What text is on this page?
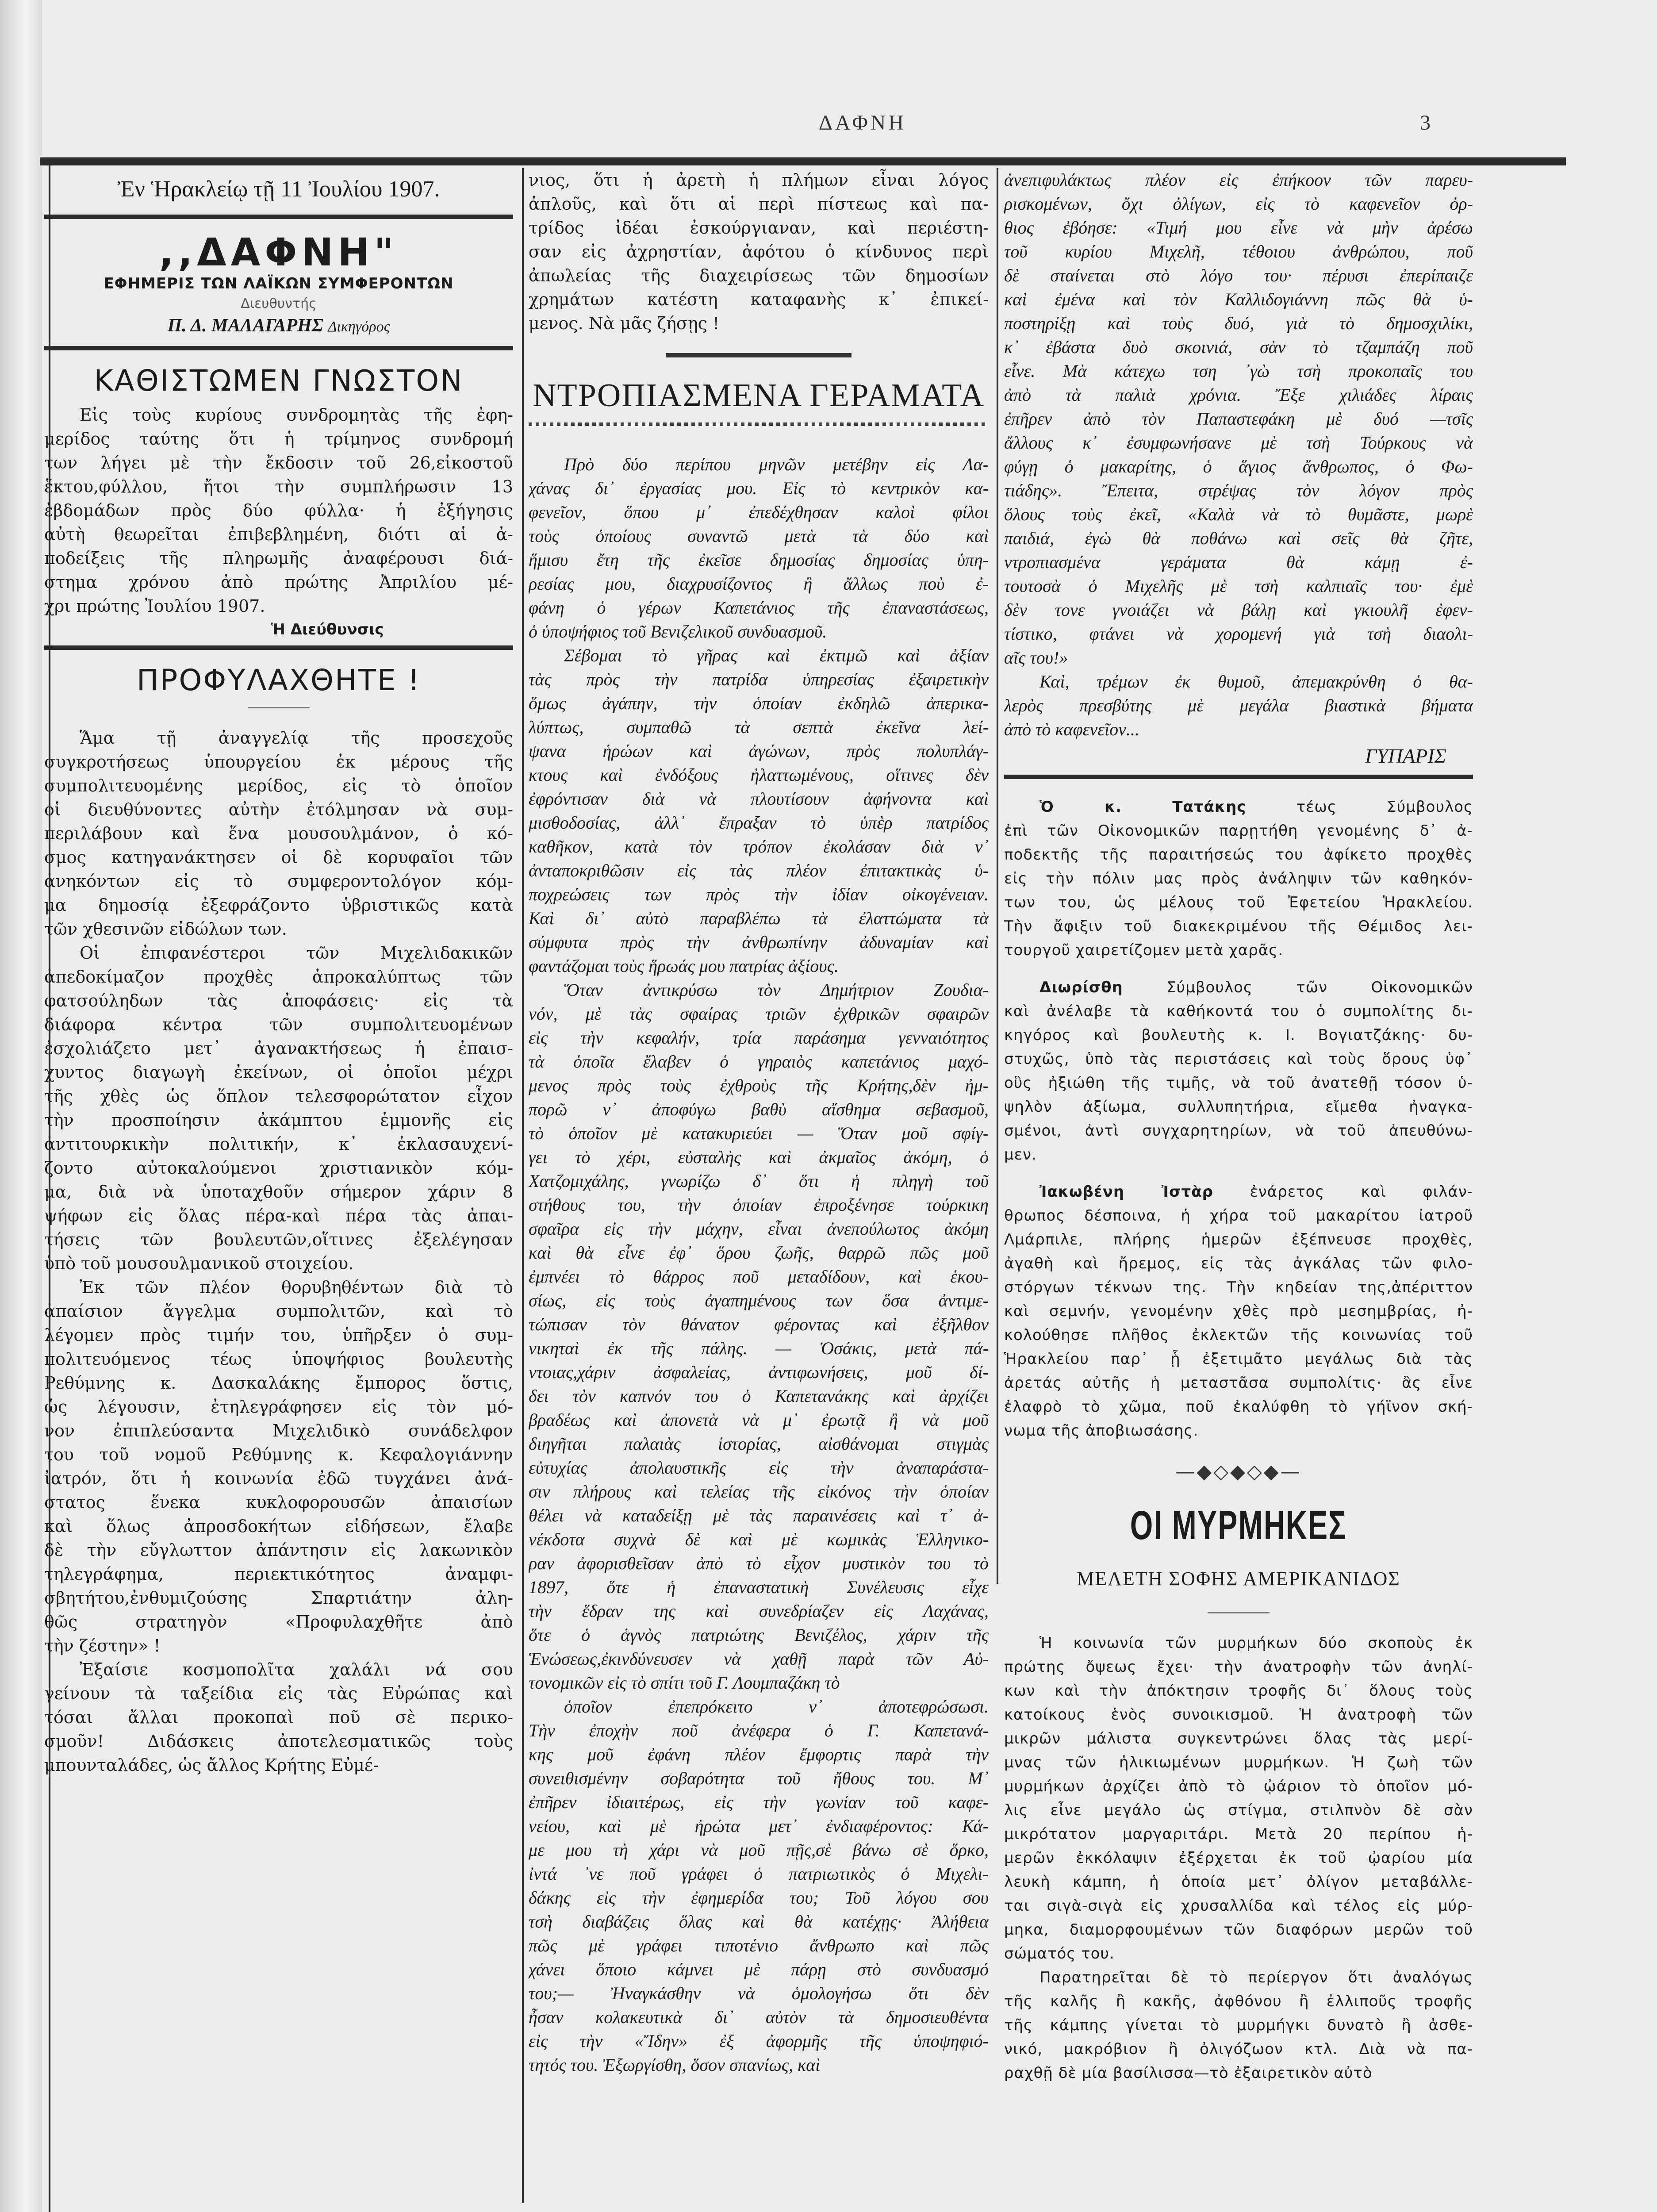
ΔΑΦΝΗ	3
Ἐν Ἡρακλείῳ τῇ 11 Ἰουλίου 1907.
,,ΔΑΦΝΗ"
ΕΦΗΜΕΡΙΣ ΤΩΝ ΛΑΪΚΩΝ ΣΥΜΦΕΡΟΝΤΩΝ
Διευθυντής
Π. Δ. ΜΑΛΑΓΑΡΗΣ Δικηγόρος
ΚΑΘΙΣΤΩΜΕΝ ΓΝΩΣΤΟΝ
Εἰς τοὺς κυρίους συνδρομητὰς τῆς ἐφη-
μερίδος ταύτης ὅτι ἡ τρίμηνος συνδρομή
των λήγει μὲ τὴν ἔκδοσιν τοῦ 26,εἰκοστοῦ
ἕκτου,φύλλου, ἤτοι τὴν συμπλήρωσιν 13
ἑβδομάδων πρὸς δύο φύλλα· ἡ ἐξήγησις
αὐτὴ θεωρεῖται ἐπιβεβλημένη, διότι αἱ ἀ-
ποδείξεις τῆς πληρωμῆς ἀναφέρουσι διά-
στημα χρόνου ἀπὸ πρώτης Ἀπριλίου μέ-
χρι πρώτης Ἰουλίου 1907.
Ἡ Διεύθυνσις
ΠΡΟΦΥΛΑΧΘΗΤΕ !
Ἅμα τῇ ἀναγγελίᾳ τῆς προσεχοῦς
συγκροτήσεως ὑπουργείου ἐκ μέρους τῆς
συμπολιτευομένης μερίδος, εἰς τὸ ὁποῖον
οἱ διευθύνοντες αὐτὴν ἐτόλμησαν νὰ συμ-
περιλάβουν καὶ ἕνα μουσουλμάνον, ὁ κό-
σμος κατηγανάκτησεν οἱ δὲ κορυφαῖοι τῶν
ἀνηκόντων εἰς τὸ συμφεροντολόγον κόμ-
μα δημοσίᾳ ἐξεφράζοντο ὑβριστικῶς κατὰ
τῶν χθεσινῶν εἰδώλων των.
Οἱ ἐπιφανέστεροι τῶν Μιχελιδακικῶν
ἀπεδοκίμαζον προχθὲς ἀπροκαλύπτως τῶν
φατσούληδων τὰς ἀποφάσεις· εἰς τὰ
διάφορα κέντρα τῶν συμπολιτευομένων
ἐσχολιάζετο μετ᾽ ἀγανακτήσεως ἡ ἐπαισ-
χυντος διαγωγὴ ἐκείνων, οἱ ὁποῖοι μέχρι
τῆς χθὲς ὡς ὅπλον τελεσφορώτατον εἶχον
τὴν προσποίησιν ἀκάμπτου ἐμμονῆς εἰς
ἀντιτουρκικὴν πολιτικήν, κ᾽ ἐκλασαυχενί-
ζοντο αὐτοκαλούμενοι χριστιανικὸν κόμ-
μα, διὰ νὰ ὑποταχθοῦν σήμερον χάριν 8
ψήφων εἰς ὅλας πέρα-καὶ πέρα τὰς ἀπαι-
τήσεις τῶν βουλευτῶν,οἵτινες ἐξελέγησαν
ὑπὸ τοῦ μουσουλμανικοῦ στοιχείου.
Ἐκ τῶν πλέον θορυβηθέντων διὰ τὸ
ἀπαίσιον ἄγγελμα συμπολιτῶν, καὶ τὸ
λέγομεν πρὸς τιμήν του, ὑπῆρξεν ὁ συμ-
πολιτευόμενος τέως ὑποψήφιος βουλευτὴς
Ρεθύμνης κ. Δασκαλάκης ἔμπορος ὅστις,
ὡς λέγουσιν, ἐτηλεγράφησεν εἰς τὸν μό-
νον ἐπιπλεύσαντα Μιχελιδικὸ συνάδελφον
του τοῦ νομοῦ Ρεθύμνης κ. Κεφαλογιάννην
ἰατρόν, ὅτι ἡ κοινωνία ἐδῶ τυγχάνει ἀνά-
στατος ἕνεκα κυκλοφορουσῶν ἀπαισίων
καὶ ὅλως ἀπροσδοκήτων εἰδήσεων, ἔλαβε
δὲ τὴν εὔγλωττον ἀπάντησιν εἰς λακωνικὸν
τηλεγράφημα, περιεκτικότητος ἀναμφι-
σβητήτου,ἐνθυμιζούσης Σπαρτιάτην ἀλη-
θῶς στρατηγὸν «Προφυλαχθῆτε ἀπὸ
τὴν ζέστην» !
Ἐξαίσιε κοσμοπολῖτα χαλάλι νά σου
γείνουν τὰ ταξείδια εἰς τὰς Εὐρώπας καὶ
τόσαι ἄλλαι προκοπαὶ ποῦ σὲ περικο-
σμοῦν! Διδάσκεις ἀποτελεσματικῶς τοὺς
μπουνταλάδες, ὡς ἄλλος Κρήτης Εὐμέ-
νιος, ὅτι ἡ ἀρετὴ ἡ πλήμων εἶναι λόγος
ἀπλοῦς, καὶ ὅτι αἱ περὶ πίστεως καὶ πα-
τρίδος ἰδέαι ἐσκούργιαναν, καὶ περιέστη-
σαν εἰς ἀχρηστίαν, ἀφότου ὁ κίνδυνος περὶ
ἀπωλείας τῆς διαχειρίσεως τῶν δημοσίων
χρημάτων κατέστη καταφανὴς κ᾽ ἐπικεί-
μενος. Νὰ μᾶς ζήσῃς !
ΝΤΡΟΠΙΑΣΜΕΝΑ ΓΕΡΑΜΑΤΑ
Πρὸ δύο περίπου μηνῶν μετέβην εἰς Λα-
χάνας δι᾽ ἐργασίας μου. Εἰς τὸ κεντρικὸν κα-
φενεῖον, ὅπου μ᾽ ἐπεδέχθησαν καλοὶ φίλοι
τοὺς ὁποίους συναντῶ μετὰ τὰ δύο καὶ
ἥμισυ ἔτη τῆς ἐκεῖσε δημοσίας δημοσίας ὑπη-
ρεσίας μου, διαχρυσίζοντος ἢ ἄλλως ποὺ ἐ-
φάνη ὁ γέρων Καπετάνιος τῆς ἐπαναστάσεως,
ὁ ὑποψήφιος τοῦ Βενιζελικοῦ συνδυασμοῦ.
Σέβομαι τὸ γῆρας καὶ ἐκτιμῶ καὶ ἀξίαν
τὰς πρὸς τὴν πατρίδα ὑπηρεσίας ἐξαιρετικὴν
ὅμως ἀγάπην, τὴν ὁποίαν ἐκδηλῶ ἀπερικα-
λύπτως, συμπαθῶ τὰ σεπτὰ ἐκεῖνα λεί-
ψανα ἡρώων καὶ ἀγώνων, πρὸς πολυπλάγ-
κτους καὶ ἐνδόξους ἠλαττωμένους, οἵτινες δὲν
ἐφρόντισαν διὰ νὰ πλουτίσουν ἀφήνοντα καὶ
μισθοδοσίας, ἀλλ᾽ ἔπραξαν τὸ ὑπὲρ πατρίδος
καθῆκον, κατὰ τὸν τρόπον ἐκολάσαν διὰ ν᾽
ἀνταποκριθῶσιν εἰς τὰς πλέον ἐπιτακτικὰς ὑ-
ποχρεώσεις των πρὸς τὴν ἰδίαν οἰκογένειαν.
Καὶ δι᾽ αὐτὸ παραβλέπω τὰ ἐλαττώματα τὰ
σύμφυτα πρὸς τὴν ἀνθρωπίνην ἀδυναμίαν καὶ
φαντάζομαι τοὺς ἥρωάς μου πατρίας ἀξίους.
Ὅταν ἀντικρύσω τὸν Δημήτριον Ζουδια-
νόν, μὲ τὰς σφαίρας τριῶν ἐχθρικῶν σφαιρῶν
εἰς τὴν κεφαλήν, τρία παράσημα γενναιότητος
τὰ ὁποῖα ἔλαβεν ὁ γηραιὸς καπετάνιος μαχό-
μενος πρὸς τοὺς ἐχθροὺς τῆς Κρήτης,δὲν ἠμ-
πορῶ ν᾽ ἀποφύγω βαθὺ αἴσθημα σεβασμοῦ,
τὸ ὁποῖον μὲ κατακυριεύει — Ὅταν μοῦ σφίγ-
γει τὸ χέρι, εὐσταλὴς καὶ ἀκμαῖος ἀκόμη, ὁ
Χατζομιχάλης, γνωρίζω δ᾽ ὅτι ἡ πληγὴ τοῦ
στήθους του, τὴν ὁποίαν ἐπροξένησε τούρκικη
σφαῖρα εἰς τὴν μάχην, εἶναι ἀνεπούλωτος ἀκόμη
καὶ θὰ εἶνε ἐφ᾽ ὅρου ζωῆς, θαρρῶ πῶς μοῦ
ἐμπνέει τὸ θάρρος ποῦ μεταδίδουν, καὶ ἑκου-
σίως, εἰς τοὺς ἀγαπημένους των ὅσα ἀντιμε-
τώπισαν τὸν θάνατον φέροντας καὶ ἐξῆλθον
νικηταὶ ἐκ τῆς πάλης. — Ὁσάκις, μετὰ πά-
ντοιας,χάριν ἀσφαλείας, ἀντιφωνήσεις, μοῦ δί-
δει τὸν καπνόν του ὁ Καπετανάκης καὶ ἀρχίζει
βραδέως καὶ ἀπονετὰ νὰ μ᾽ ἐρωτᾷ ἢ νὰ μοῦ
διηγῆται παλαιὰς ἱστορίας, αἰσθάνομαι στιγμὰς
εὐτυχίας ἀπολαυστικῆς εἰς τὴν ἀναπαράστα-
σιν πλήρους καὶ τελείας τῆς εἰκόνος τὴν ὁποίαν
θέλει νὰ καταδείξῃ μὲ τὰς παραινέσεις καὶ τ᾽ ἀ-
νέκδοτα συχνὰ δὲ καὶ μὲ κωμικὰς Ἑλληνικο-
ραν ἀφορισθεῖσαν ἀπὸ τὸ εἶχον μυστικὸν του τὸ
1897, ὅτε ἡ ἐπαναστατικὴ Συνέλευσις εἶχε
τὴν ἕδραν της καὶ συνεδρίαζεν εἰς Λαχάνας,
ὅτε ὁ ἁγνὸς πατριώτης Βενιζέλος, χάριν τῆς
Ἑνώσεως,ἐκινδύνευσεν νὰ χαθῇ παρὰ τῶν Αὐ-
τονομικῶν εἰς τὸ σπίτι τοῦ Γ. Λουμπαζάκη τὸ
ὁποῖον ἐπεπρόκειτο ν᾽ ἀποτεφρώσωσι.
Τὴν ἐποχὴν ποῦ ἀνέφερα ὁ Γ. Καπετανά-
κης μοῦ ἐφάνη πλέον ἔμφορτις παρὰ τὴν
συνειθισμένην σοβαρότητα τοῦ ἤθους του. Μ᾽
ἐπῆρεν ἰδιαιτέρως, εἰς τὴν γωνίαν τοῦ καφε-
νείου, καὶ μὲ ἠρώτα μετ᾽ ἐνδιαφέροντος: Κά-
με μου τὴ χάρι νὰ μοῦ πῇς,σὲ βάνω σὲ ὅρκο,
ἰντά ᾽νε ποῦ γράφει ὁ πατριωτικὸς ὁ Μιχελι-
δάκης εἰς τὴν ἐφημερίδα του; Τοῦ λόγου σου
τσὴ διαβάζεις ὅλας καὶ θὰ κατέχῃς· Ἀλήθεια
πῶς μὲ γράφει τιποτένιο ἄνθρωπο καὶ πῶς
χάνει ὅποιο κάμνει μὲ πάρῃ στὸ συνδυασμό
του;— Ἠναγκάσθην νὰ ὁμολογήσω ὅτι δὲν
ἦσαν κολακευτικὰ δι᾽ αὐτὸν τὰ δημοσιευθέντα
εἰς τὴν «Ἴδην» ἐξ ἀφορμῆς τῆς ὑποψηφιό-
τητός του. Ἐξωργίσθη, ὅσον σπανίως, καὶ
ἀνεπιφυλάκτως πλέον εἰς ἐπήκοον τῶν παρευ-
ρισκομένων, ὄχι ὀλίγων, εἰς τὸ καφενεῖον ὀρ-
θιος ἐβόησε: «Τιμή μου εἶνε νὰ μὴν ἀρέσω
τοῦ κυρίου Μιχελῆ, τέθοιου ἀνθρώπου, ποῦ
δὲ σταίνεται στὸ λόγο του· πέρυσι ἐπερίπαιζε
καὶ ἐμένα καὶ τὸν Καλλιδογιάννη πῶς θὰ ὑ-
ποστηρίξῃ καὶ τοὺς δυό, γιὰ τὸ δημοσχιλίκι,
κ᾽ ἐβάστα δυὸ σκοινιά, σὰν τὸ τζαμπάζη ποῦ
εἶνε. Μὰ κάτεχω τση ᾽γὼ τσὴ προκοπαῖς του
ἀπὸ τὰ παλιὰ χρόνια. Ἔξε χιλιάδες λίραις
ἐπῆρεν ἀπὸ τὸν Παπαστεφάκη μὲ δυό —τσῖς
ἄλλους κ᾽ ἐσυμφωνήσανε μὲ τσὴ Τούρκους νὰ
φύγῃ ὁ μακαρίτης, ὁ ἅγιος ἄνθρωπος, ὁ Φω-
τιάδης». Ἔπειτα, στρέψας τὸν λόγον πρὸς
ὅλους τοὺς ἐκεῖ, «Καλὰ νὰ τὸ θυμᾶστε, μωρὲ
παιδιά, ἐγὼ θὰ ποθάνω καὶ σεῖς θὰ ζῆτε,
ντροπιασμένα γεράματα θὰ κάμῃ ἐ-
τουτοσὰ ὁ Μιχελῆς μὲ τσὴ καλπιαῖς του· ἐμὲ
δὲν τονε γνοιάζει νὰ βάλῃ καὶ γκιουλῆ ἐφεν-
τίστικο, φτάνει νὰ χορομενή γιὰ τσὴ διαολι-
αῖς του!»
Καὶ, τρέμων ἐκ θυμοῦ, ἀπεμακρύνθη ὁ θα-
λερὸς πρεσβύτης μὲ μεγάλα βιαστικὰ βήματα
ἀπὸ τὸ καφενεῖον...
ΓΥΠΑΡΙΣ
Ὁ κ. Τατάκης	τέως Σύμβουλος
ἐπὶ τῶν Οἰκονομικῶν παρῃτήθη γενομένης δ᾽ ἀ-
ποδεκτῆς τῆς παραιτήσεώς του ἀφίκετο προχθὲς
εἰς τὴν πόλιν μας πρὸς ἀνάληψιν τῶν καθηκόν-
των του, ὡς μέλους τοῦ Ἐφετείου Ἡρακλείου.
Τὴν ἄφιξιν τοῦ διακεκριμένου τῆς Θέμιδος λει-
τουργοῦ χαιρετίζομεν μετὰ χαρᾶς.
Διωρίσθη	Σύμβουλος τῶν Οἰκονομικῶν
καὶ ἀνέλαβε τὰ καθήκοντά του ὁ συμπολίτης δι-
κηγόρος καὶ βουλευτὴς κ. Ι. Βογιατζάκης· δυ-
στυχῶς, ὑπὸ τὰς περιστάσεις καὶ τοὺς ὅρους ὑφ᾽
οὓς ἠξιώθη τῆς τιμῆς, νὰ τοῦ ἀνατεθῇ τόσον ὑ-
ψηλὸν ἀξίωμα, συλλυπητήρια, εἴμεθα ἠναγκα-
σμένοι, ἀντὶ συγχαρητηρίων, νὰ τοῦ ἀπευθύνω-
μεν.
Ἰακωβένη Ἰστὰρ ἐνάρετος καὶ φιλάν-
θρωπος δέσποινα, ἡ χήρα τοῦ μακαρίτου ἰατροῦ
Λμάρπιλε, πλήρης ἡμερῶν ἐξέπνευσε προχθὲς,
ἀγαθὴ καὶ ἤρεμος, εἰς τὰς ἀγκάλας τῶν φιλο-
στόργων τέκνων της. Τὴν κηδείαν της,ἀπέριττον
καὶ σεμνήν, γενομένην χθὲς πρὸ μεσημβρίας, ἠ-
κολούθησε πλῆθος ἐκλεκτῶν τῆς κοινωνίας τοῦ
Ἡρακλείου παρ᾽ ᾗ ἐξετιμᾶτο μεγάλως διὰ τὰς
ἀρετάς αὐτῆς ἡ μεταστᾶσα συμπολίτις· ἂς εἶνε
ἐλαφρὸ τὸ χῶμα, ποῦ ἐκαλύφθη τὸ γήϊνον σκή-
νωμα τῆς ἀποβιωσάσης.
—◆◇◆◇◆—
ΟΙ ΜΥΡΜΗΚΕΣ
ΜΕΛΕΤΗ ΣΟΦΗΣ ΑΜΕΡΙΚΑΝΙΔΟΣ
Ἡ κοινωνία τῶν μυρμήκων δύο σκοποὺς ἐκ
πρώτης ὄψεως ἔχει· τὴν ἀνατροφὴν τῶν ἀνηλί-
κων καὶ τὴν ἀπόκτησιν τροφῆς δι᾽ ὅλους τοὺς
κατοίκους ἑνὸς συνοικισμοῦ. Ἡ ἀνατροφὴ τῶν
μικρῶν μάλιστα συγκεντρώνει ὅλας τὰς μερί-
μνας τῶν ἡλικιωμένων μυρμήκων. Ἡ ζωὴ τῶν
μυρμήκων ἀρχίζει ἀπὸ τὸ ᾠάριον τὸ ὁποῖον μό-
λις εἶνε μεγάλο ὡς στίγμα, στιλπνὸν δὲ σὰν
μικρότατον μαργαριτάρι. Μετὰ 20 περίπου ἡ-
μερῶν ἐκκόλαψιν ἐξέρχεται ἐκ τοῦ ᾠαρίου μία
λευκὴ κάμπη, ἡ ὁποία μετ᾽ ὀλίγον μεταβάλλε-
ται σιγὰ-σιγὰ εἰς χρυσαλλίδα καὶ τέλος εἰς μύρ-
μηκα, διαμορφουμένων τῶν διαφόρων μερῶν τοῦ
σώματός του.
Παρατηρεῖται δὲ τὸ περίεργον ὅτι ἀναλόγως
τῆς καλῆς ἢ κακῆς, ἀφθόνου ἢ ἐλλιποῦς τροφῆς
τῆς κάμπης γίνεται τὸ μυρμήγκι δυνατὸ ἢ ἀσθε-
νικό, μακρόβιον ἢ ὀλιγόζωον κτλ. Διὰ νὰ πα-
ραχθῇ δὲ μία βασίλισσα—τὸ ἐξαιρετικὸν αὐτὸ
